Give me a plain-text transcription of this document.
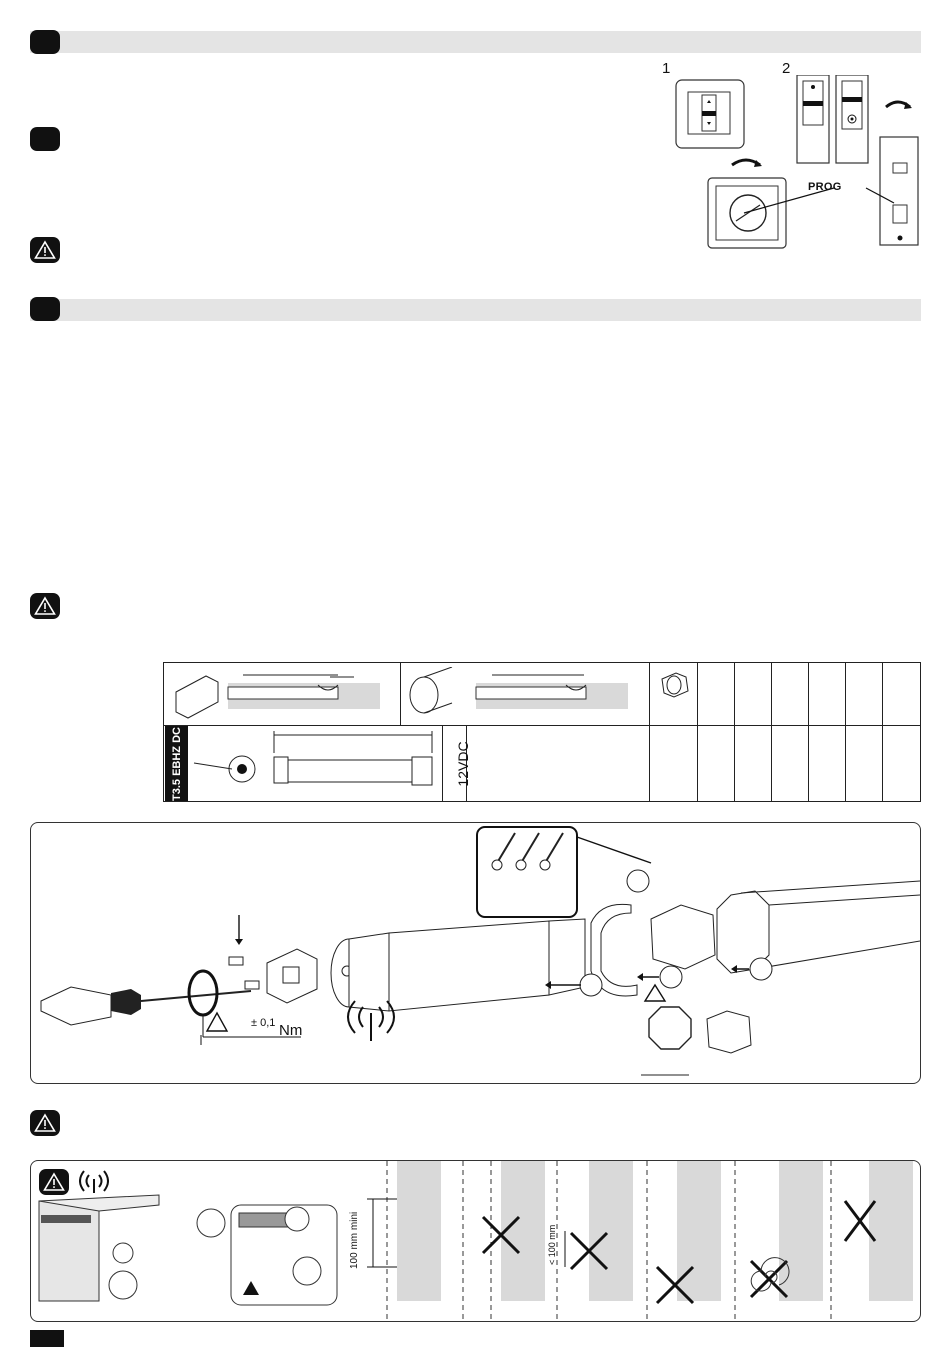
1	2
PROG
T3.5 EBHZ DC	12VDC
± 0,1 Nm
100 mm mini	< 100 mm
